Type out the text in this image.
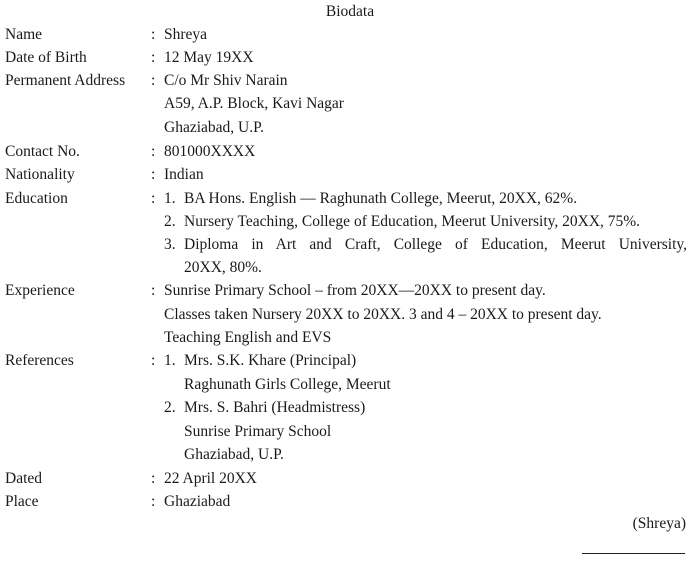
Biodata
Name	: Shreya
Date of Birth	: 12 May 19XX
Permanent Address : C/o Mr Shiv Narain
A59, A.P. Block, Kavi Nagar
Ghaziabad, U.P.
Contact No.	: 801000XXXX
Nationality	: Indian
Education	: 1. BA Hons. English — Raghunath College, Meerut, 20XX, 62%.
2. Nursery Teaching, College of Education, Meerut University, 20XX, 75%.
3. Diploma in Art and Craft, College of Education, Meerut University,
20XX, 80%.
Experience	: Sunrise Primary School – from 20XX—20XX to present day.
Classes taken Nursery 20XX to 20XX. 3 and 4 – 20XX to present day.
Teaching English and EVS
References	: 1. Mrs. S.K. Khare (Principal)
Raghunath Girls College, Meerut
2. Mrs. S. Bahri (Headmistress)
Sunrise Primary School
Ghaziabad, U.P.
Dated	: 22 April 20XX
Place	: Ghaziabad
(Shreya)
